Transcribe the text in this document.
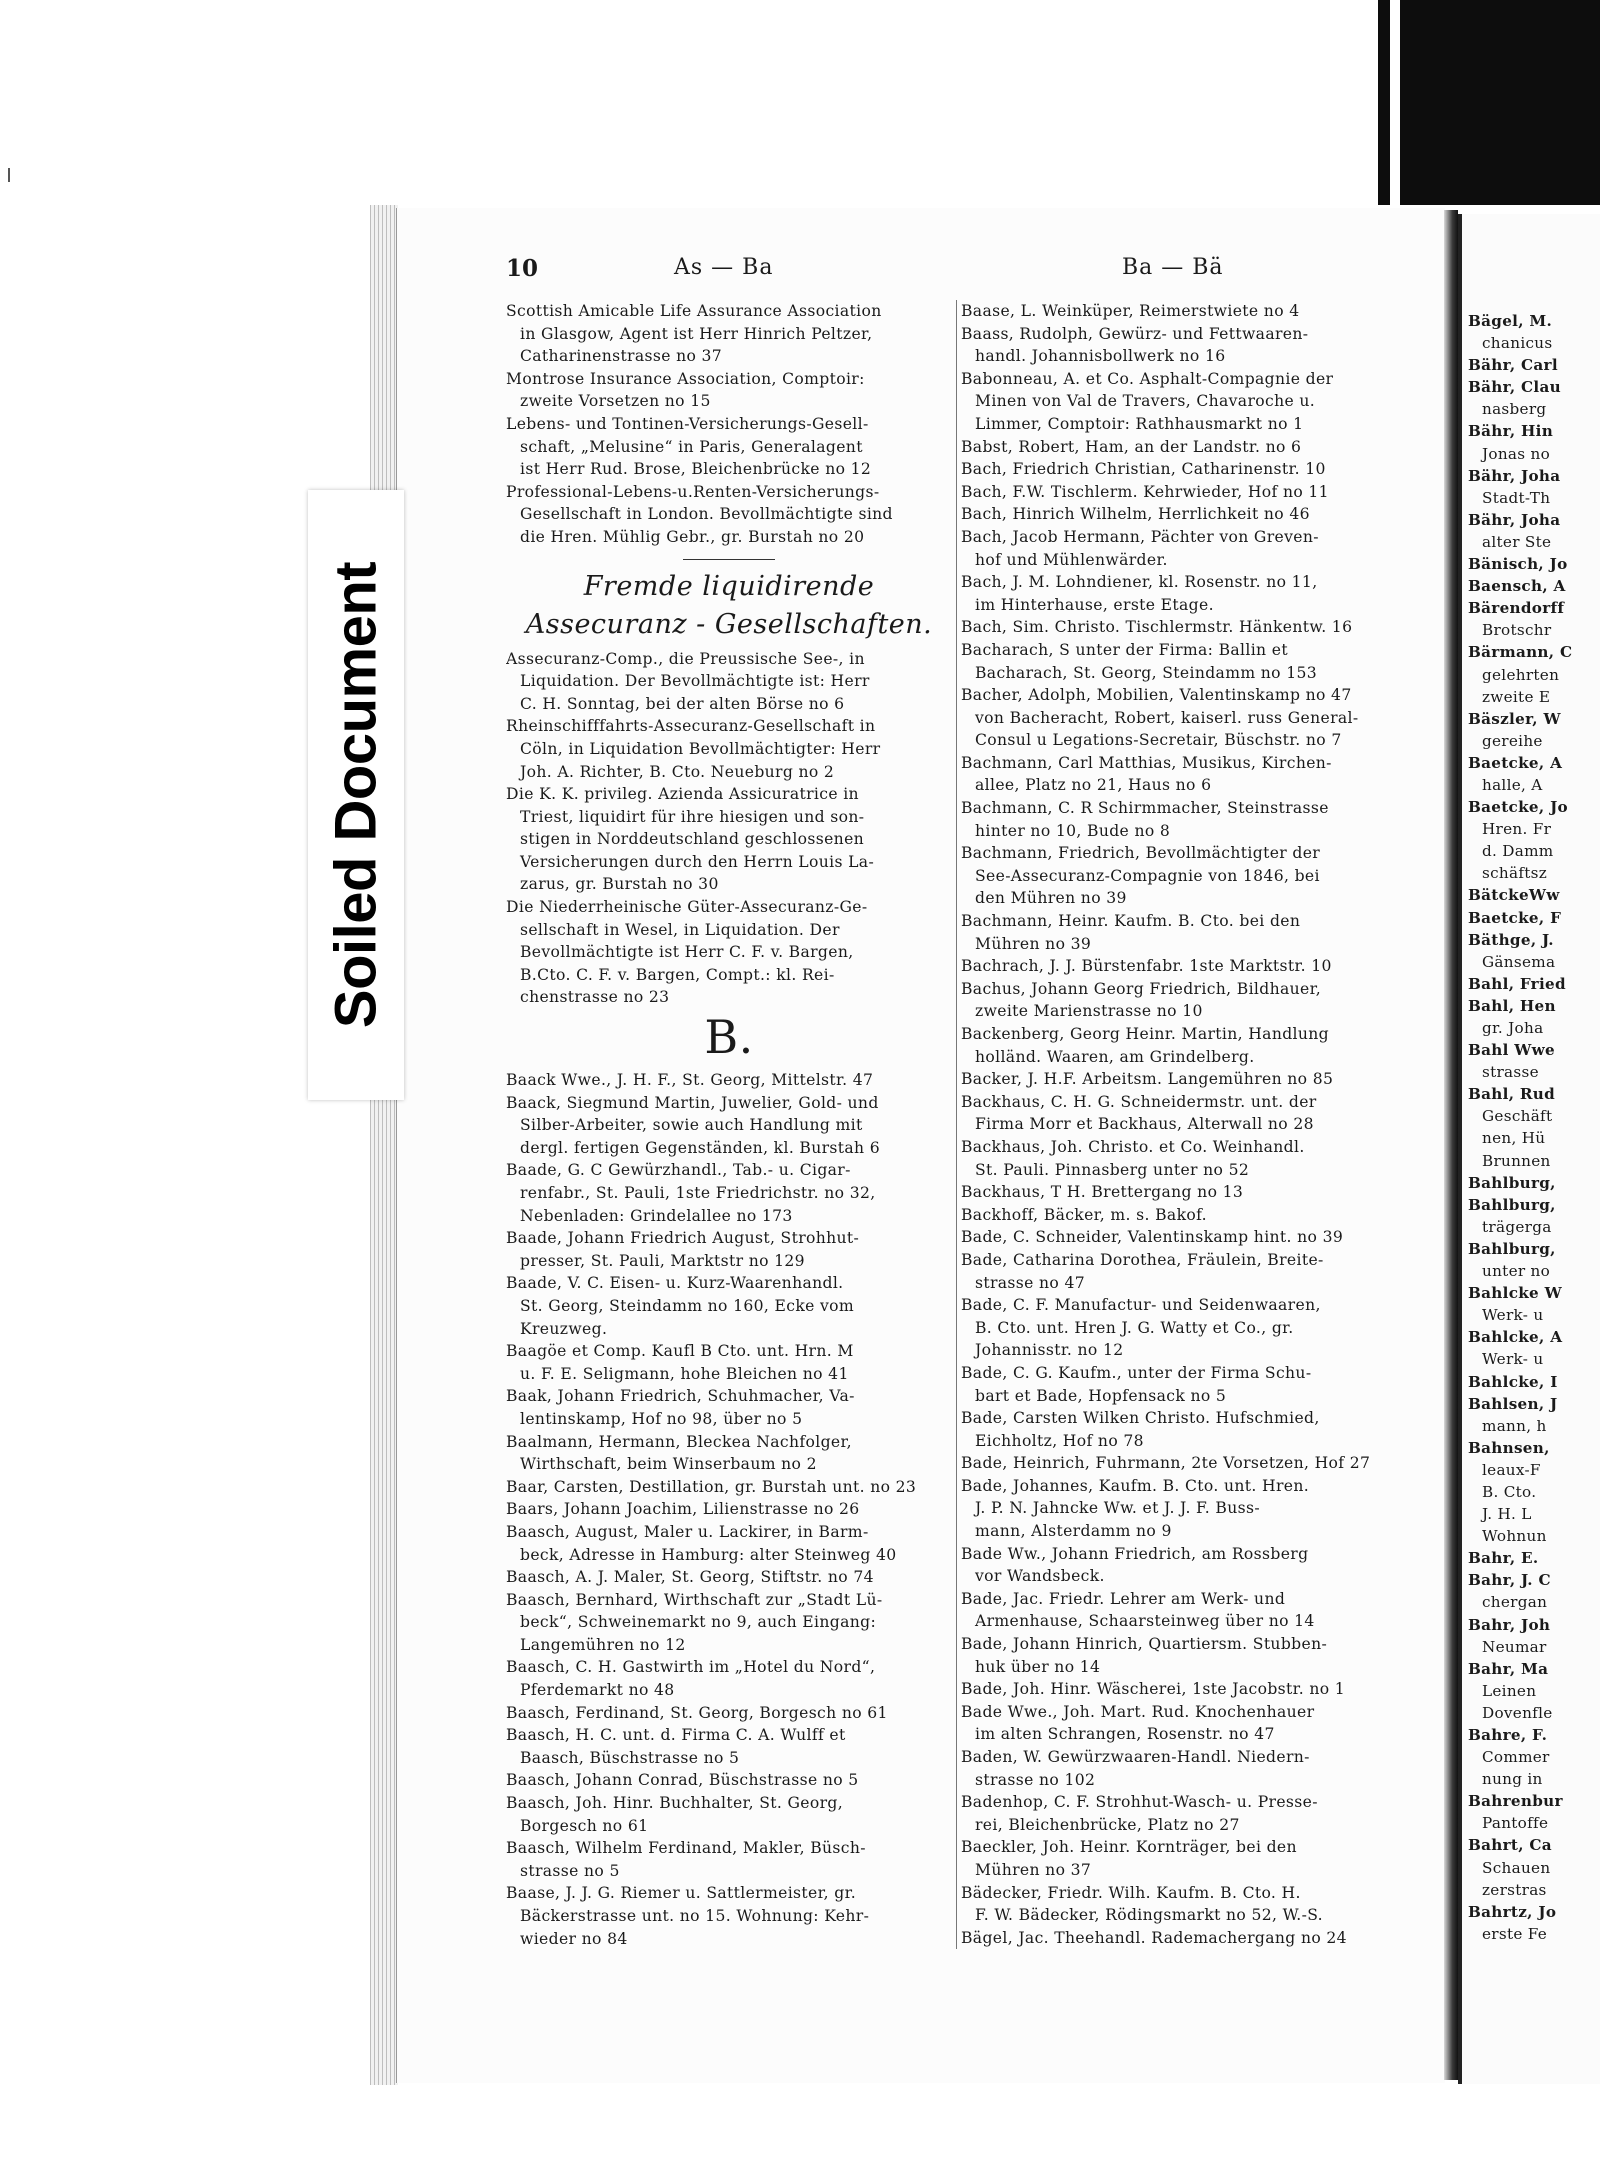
Bägel, M.
chanicus
Bähr, Carl
Bähr, Clau
nasberg
Bähr, Hin
Jonas no
Bähr, Joha
Stadt-Th
Bähr, Joha
alter Ste
Bänisch, Jo
Baensch, A
Bärendorff
Brotschr
Bärmann, C
gelehrten
zweite E
Bäszler, W
gereihe
Baetcke, A
halle, A
Baetcke, Jo
Hren. Fr
d. Damm
schäftsz
BätckeWw
Baetcke, F
Bäthge, J.
Gänsema
Bahl, Fried
Bahl, Hen
gr. Joha
Bahl Wwe
strasse
Bahl, Rud
Geschäft
nen, Hü
Brunnen
Bahlburg,
Bahlburg,
trägerga
Bahlburg,
unter no
Bahlcke W
Werk- u
Bahlcke, A
Werk- u
Bahlcke, I
Bahlsen, J
mann, h
Bahnsen,
leaux-F
B. Cto.
J. H. L
Wohnun
Bahr, E.
Bahr, J. C
chergan
Bahr, Joh
Neumar
Bahr, Ma
Leinen
Dovenfle
Bahre, F.
Commer
nung in
Bahrenbur
Pantoffe
Bahrt, Ca
Schauen
zerstras
Bahrtz, Jo
erste Fe
10	As — Ba	Ba — Bä
Scottish Amicable Life Assurance Association
in Glasgow, Agent ist Herr Hinrich Peltzer,
Catharinenstrasse no 37
Montrose Insurance Association, Comptoir:
zweite Vorsetzen no 15
Lebens- und Tontinen-Versicherungs-Gesell-
schaft, „Melusine“ in Paris, Generalagent
ist Herr Rud. Brose, Bleichenbrücke no 12
Professional-Lebens-u.Renten-Versicherungs-
Gesellschaft in London. Bevollmächtigte sind
die Hren. Mühlig Gebr., gr. Burstah no 20
Fremde liquidirende
Assecuranz - Gesellschaften.
Assecuranz-Comp., die Preussische See-, in
Liquidation. Der Bevollmächtigte ist: Herr
C. H. Sonntag, bei der alten Börse no 6
Rheinschifffahrts-Assecuranz-Gesellschaft in
Cöln, in Liquidation Bevollmächtigter: Herr
Joh. A. Richter, B. Cto. Neueburg no 2
Die K. K. privileg. Azienda Assicuratrice in
Triest, liquidirt für ihre hiesigen und son-
stigen in Norddeutschland geschlossenen
Versicherungen durch den Herrn Louis La-
zarus, gr. Burstah no 30
Die Niederrheinische Güter-Assecuranz-Ge-
sellschaft in Wesel, in Liquidation. Der
Bevollmächtigte ist Herr C. F. v. Bargen,
B.Cto. C. F. v. Bargen, Compt.: kl. Rei-
chenstrasse no 23
B.
Baack Wwe., J. H. F., St. Georg, Mittelstr. 47
Baack, Siegmund Martin, Juwelier, Gold- und
Silber-Arbeiter, sowie auch Handlung mit
dergl. fertigen Gegenständen, kl. Burstah 6
Baade, G. C Gewürzhandl., Tab.- u. Cigar-
renfabr., St. Pauli, 1ste Friedrichstr. no 32,
Nebenladen: Grindelallee no 173
Baade, Johann Friedrich August, Strohhut-
presser, St. Pauli, Marktstr no 129
Baade, V. C. Eisen- u. Kurz-Waarenhandl.
St. Georg, Steindamm no 160, Ecke vom
Kreuzweg.
Baagöe et Comp. Kaufl B Cto. unt. Hrn. M
u. F. E. Seligmann, hohe Bleichen no 41
Baak, Johann Friedrich, Schuhmacher, Va-
lentinskamp, Hof no 98, über no 5
Baalmann, Hermann, Bleckea Nachfolger,
Wirthschaft, beim Winserbaum no 2
Baar, Carsten, Destillation, gr. Burstah unt. no 23
Baars, Johann Joachim, Lilienstrasse no 26
Baasch, August, Maler u. Lackirer, in Barm-
beck, Adresse in Hamburg: alter Steinweg 40
Baasch, A. J. Maler, St. Georg, Stiftstr. no 74
Baasch, Bernhard, Wirthschaft zur „Stadt Lü-
beck“, Schweinemarkt no 9, auch Eingang:
Langemühren no 12
Baasch, C. H. Gastwirth im „Hotel du Nord“,
Pferdemarkt no 48
Baasch, Ferdinand, St. Georg, Borgesch no 61
Baasch, H. C. unt. d. Firma C. A. Wulff et
Baasch, Büschstrasse no 5
Baasch, Johann Conrad, Büschstrasse no 5
Baasch, Joh. Hinr. Buchhalter, St. Georg,
Borgesch no 61
Baasch, Wilhelm Ferdinand, Makler, Büsch-
strasse no 5
Baase, J. J. G. Riemer u. Sattlermeister, gr.
Bäckerstrasse unt. no 15. Wohnung: Kehr-
wieder no 84
Baase, L. Weinküper, Reimerstwiete no 4
Baass, Rudolph, Gewürz- und Fettwaaren-
handl. Johannisbollwerk no 16
Babonneau, A. et Co. Asphalt-Compagnie der
Minen von Val de Travers, Chavaroche u.
Limmer, Comptoir: Rathhausmarkt no 1
Babst, Robert, Ham, an der Landstr. no 6
Bach, Friedrich Christian, Catharinenstr. 10
Bach, F.W. Tischlerm. Kehrwieder, Hof no 11
Bach, Hinrich Wilhelm, Herrlichkeit no 46
Bach, Jacob Hermann, Pächter von Greven-
hof und Mühlenwärder.
Bach, J. M. Lohndiener, kl. Rosenstr. no 11,
im Hinterhause, erste Etage.
Bach, Sim. Christo. Tischlermstr. Hänkentw. 16
Bacharach, S unter der Firma: Ballin et
Bacharach, St. Georg, Steindamm no 153
Bacher, Adolph, Mobilien, Valentinskamp no 47
von Bacheracht, Robert, kaiserl. russ General-
Consul u Legations-Secretair, Büschstr. no 7
Bachmann, Carl Matthias, Musikus, Kirchen-
allee, Platz no 21, Haus no 6
Bachmann, C. R Schirmmacher, Steinstrasse
hinter no 10, Bude no 8
Bachmann, Friedrich, Bevollmächtigter der
See-Assecuranz-Compagnie von 1846, bei
den Mühren no 39
Bachmann, Heinr. Kaufm. B. Cto. bei den
Mühren no 39
Bachrach, J. J. Bürstenfabr. 1ste Marktstr. 10
Bachus, Johann Georg Friedrich, Bildhauer,
zweite Marienstrasse no 10
Backenberg, Georg Heinr. Martin, Handlung
holländ. Waaren, am Grindelberg.
Backer, J. H.F. Arbeitsm. Langemühren no 85
Backhaus, C. H. G. Schneidermstr. unt. der
Firma Morr et Backhaus, Alterwall no 28
Backhaus, Joh. Christo. et Co. Weinhandl.
St. Pauli. Pinnasberg unter no 52
Backhaus, T H. Brettergang no 13
Backhoff, Bäcker, m. s. Bakof.
Bade, C. Schneider, Valentinskamp hint. no 39
Bade, Catharina Dorothea, Fräulein, Breite-
strasse no 47
Bade, C. F. Manufactur- und Seidenwaaren,
B. Cto. unt. Hren J. G. Watty et Co., gr.
Johannisstr. no 12
Bade, C. G. Kaufm., unter der Firma Schu-
bart et Bade, Hopfensack no 5
Bade, Carsten Wilken Christo. Hufschmied,
Eichholtz, Hof no 78
Bade, Heinrich, Fuhrmann, 2te Vorsetzen, Hof 27
Bade, Johannes, Kaufm. B. Cto. unt. Hren.
J. P. N. Jahncke Ww. et J. J. F. Buss-
mann, Alsterdamm no 9
Bade Ww., Johann Friedrich, am Rossberg
vor Wandsbeck.
Bade, Jac. Friedr. Lehrer am Werk- und
Armenhause, Schaarsteinweg über no 14
Bade, Johann Hinrich, Quartiersm. Stubben-
huk über no 14
Bade, Joh. Hinr. Wäscherei, 1ste Jacobstr. no 1
Bade Wwe., Joh. Mart. Rud. Knochenhauer
im alten Schrangen, Rosenstr. no 47
Baden, W. Gewürzwaaren-Handl. Niedern-
strasse no 102
Badenhop, C. F. Strohhut-Wasch- u. Presse-
rei, Bleichenbrücke, Platz no 27
Baeckler, Joh. Heinr. Kornträger, bei den
Mühren no 37
Bädecker, Friedr. Wilh. Kaufm. B. Cto. H.
F. W. Bädecker, Rödingsmarkt no 52, W.-S.
Bägel, Jac. Theehandl. Rademachergang no 24
Soiled Document
